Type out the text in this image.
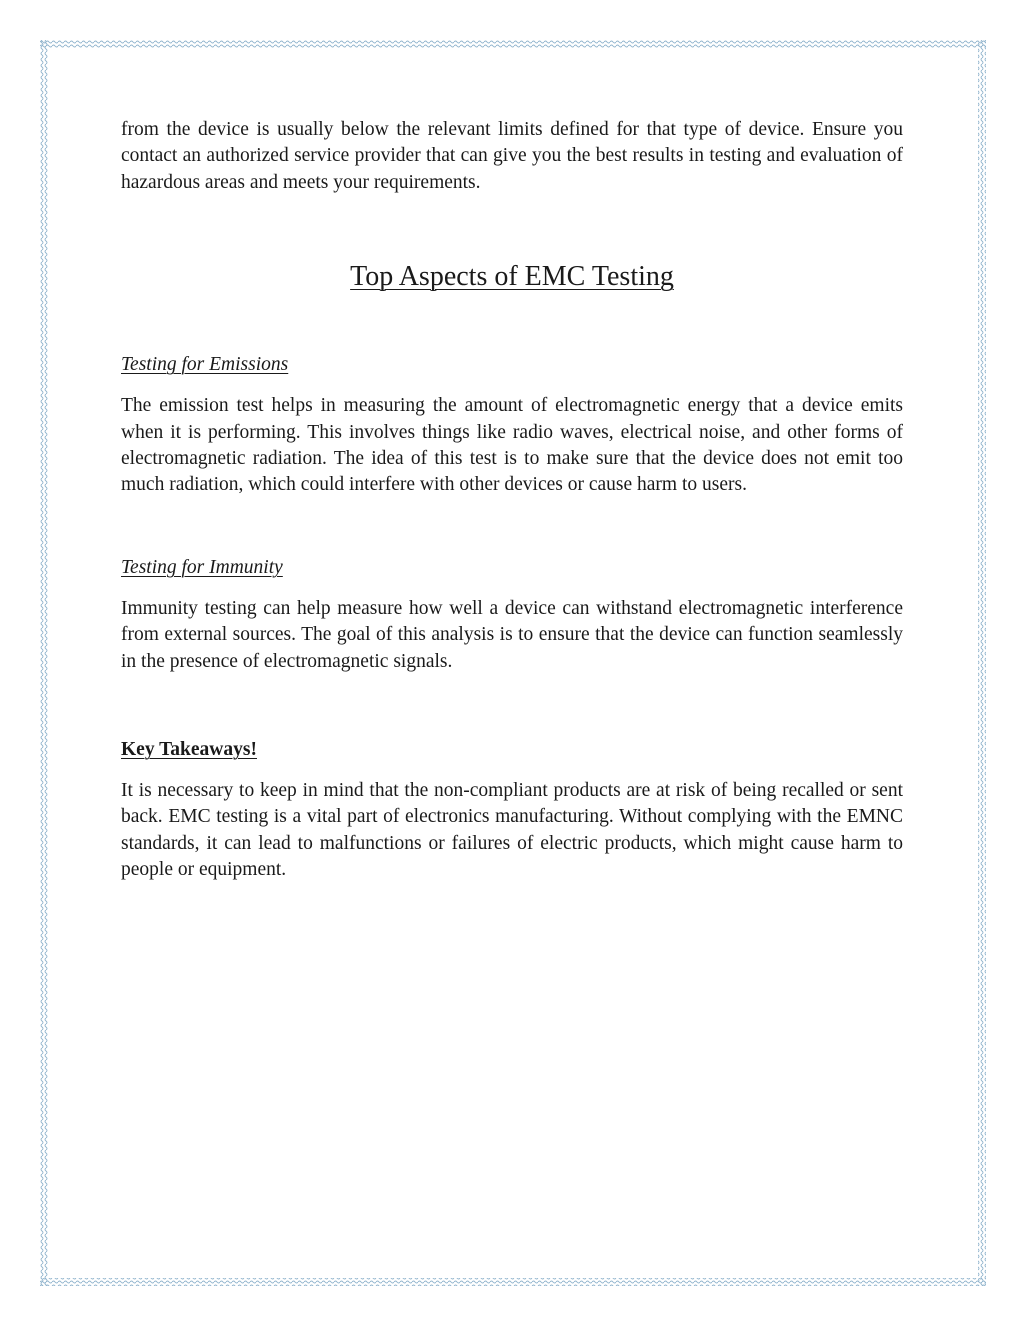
from the device is usually below the relevant limits defined for that type of device. Ensure you contact an authorized service provider that can give you the best results in testing and evaluation of hazardous areas and meets your requirements.

Top Aspects of EMC Testing
Testing for Emissions

The emission test helps in measuring the amount of electromagnetic energy that a device emits when it is performing. This involves things like radio waves, electrical noise, and other forms of electromagnetic radiation. The idea of this test is to make sure that the device does not emit too much radiation, which could interfere with other devices or cause harm to users.

Testing for Immunity

Immunity testing can help measure how well a device can withstand electromagnetic interference from external sources. The goal of this analysis is to ensure that the device can function seamlessly in the presence of electromagnetic signals.

Key Takeaways!

It is necessary to keep in mind that the non-compliant products are at risk of being recalled or sent back. EMC testing is a vital part of electronics manufacturing. Without complying with the EMNC standards, it can lead to malfunctions or failures of electric products, which might cause harm to people or equipment.
